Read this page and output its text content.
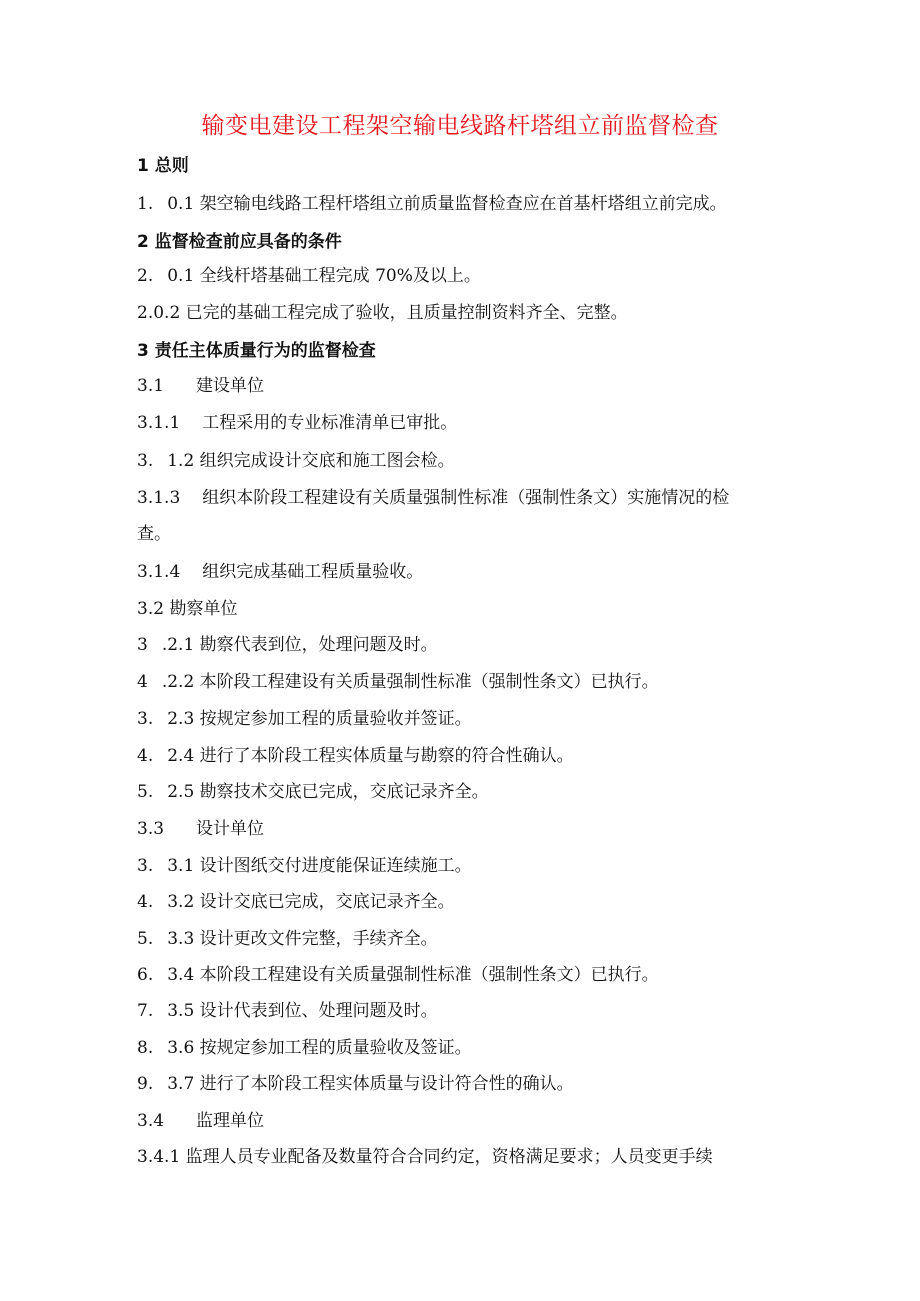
输变电建设工程架空输电线路杆塔组立前监督检查
1 总则
1. 0.1 架空输电线路工程杆塔组立前质量监督检查应在首基杆塔组立前完成。
2 监督检查前应具备的条件
2. 0.1 全线杆塔基础工程完成 70%及以上。
2.0.2 已完的基础工程完成了验收，且质量控制资料齐全、完整。
3 责任主体质量行为的监督检查
3.1 建设单位
3.1.1 工程采用的专业标准清单已审批。
3. 1.2 组织完成设计交底和施工图会检。
3.1.3 组织本阶段工程建设有关质量强制性标准（强制性条文）实施情况的检
查。
3.1.4 组织完成基础工程质量验收。
3.2 勘察单位
3 .2.1 勘察代表到位，处理问题及时。
4 .2.2 本阶段工程建设有关质量强制性标准（强制性条文）已执行。
3. 2.3 按规定参加工程的质量验收并签证。
4. 2.4 进行了本阶段工程实体质量与勘察的符合性确认。
5. 2.5 勘察技术交底已完成，交底记录齐全。
3.3 设计单位
3. 3.1 设计图纸交付进度能保证连续施工。
4. 3.2 设计交底已完成，交底记录齐全。
5. 3.3 设计更改文件完整，手续齐全。
6. 3.4 本阶段工程建设有关质量强制性标准（强制性条文）已执行。
7. 3.5 设计代表到位、处理问题及时。
8. 3.6 按规定参加工程的质量验收及签证。
9. 3.7 进行了本阶段工程实体质量与设计符合性的确认。
3.4 监理单位
3.4.1 监理人员专业配备及数量符合合同约定，资格满足要求；人员变更手续
